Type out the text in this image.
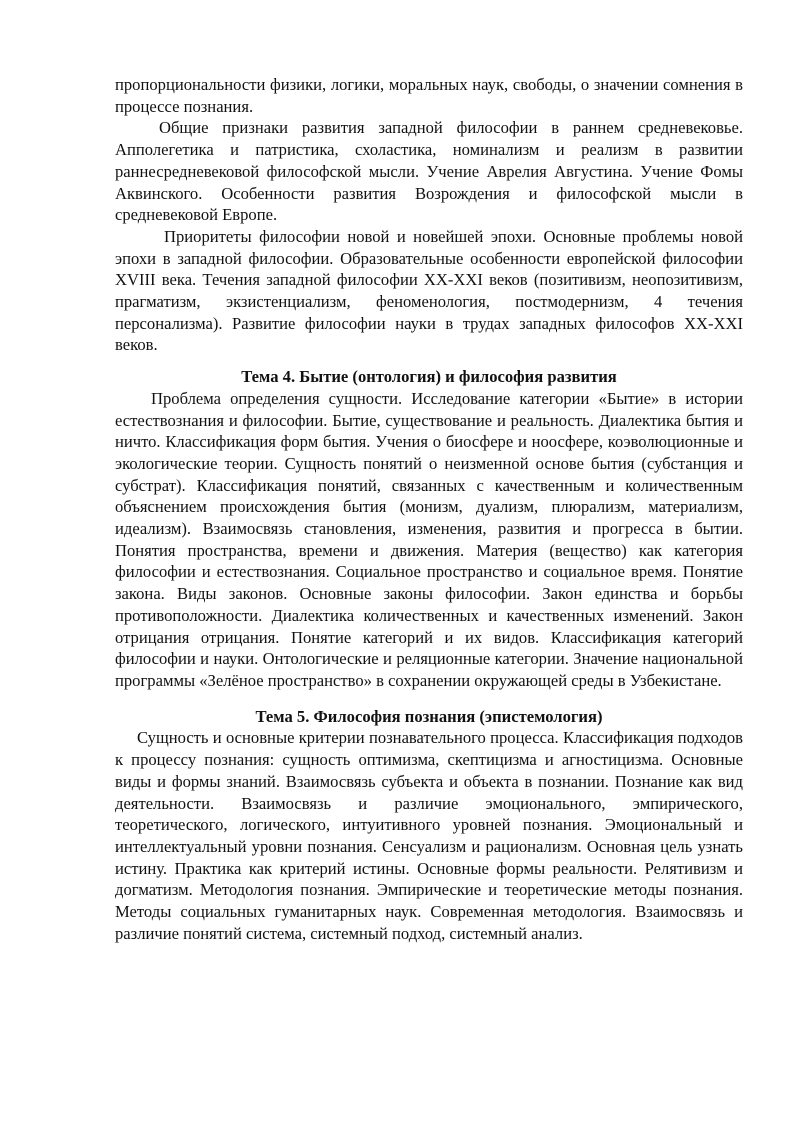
пропорциональности физики, логики, моральных наук, свободы, о значении сомнения в процессе познания.

Общие признаки развития западной философии в раннем средневековье. Апполегетика и патристика, схоластика, номинализм и реализм в развитии раннесредневековой философской мысли. Учение Аврелия Августина. Учение Фомы Аквинского. Особенности развития Возрождения и философской мысли в средневековой Европе.

Приоритеты философии новой и новейшей эпохи. Основные проблемы новой эпохи в западной философии. Образовательные особенности европейской философии XVIII века. Течения западной философии XX-XXI веков (позитивизм, неопозитивизм, прагматизм, экзистенциализм, феноменология, постмодернизм, 4 течения персонализма). Развитие философии науки в трудах западных философов XX-XXI веков.

Тема 4. Бытие (онтология) и философия развития

Проблема определения сущности. Исследование категории «Бытие» в истории естествознания и философии. Бытие, существование и реальность. Диалектика бытия и ничто. Классификация форм бытия. Учения о биосфере и ноосфере, коэволюционные и экологические теории. Сущность понятий о неизменной основе бытия (субстанция и субстрат). Классификация понятий, связанных с качественным и количественным объяснением происхождения бытия (монизм, дуализм, плюрализм, материализм, идеализм). Взаимосвязь становления, изменения, развития и прогресса в бытии. Понятия пространства, времени и движения. Материя (вещество) как категория философии и естествознания. Социальное пространство и социальное время. Понятие закона. Виды законов. Основные законы философии. Закон единства и борьбы противоположности. Диалектика количественных и качественных изменений. Закон отрицания отрицания. Понятие категорий и их видов. Классификация категорий философии и науки. Онтологические и реляционные категории. Значение национальной программы «Зелёное пространство» в сохранении окружающей среды в Узбекистане.

Тема 5. Философия познания (эпистемология)

Сущность и основные критерии познавательного процесса. Классификация подходов к процессу познания: сущность оптимизма, скептицизма и агностицизма. Основные виды и формы знаний. Взаимосвязь субъекта и объекта в познании. Познание как вид деятельности. Взаимосвязь и различие эмоционального, эмпирического, теоретического, логического, интуитивного уровней познания. Эмоциональный и интеллектуальный уровни познания. Сенсуализм и рационализм. Основная цель узнать истину. Практика как критерий истины. Основные формы реальности. Релятивизм и догматизм. Методология познания. Эмпирические и теоретические методы познания. Методы социальных гуманитарных наук. Современная методология. Взаимосвязь и различие понятий система, системный подход, системный анализ.
